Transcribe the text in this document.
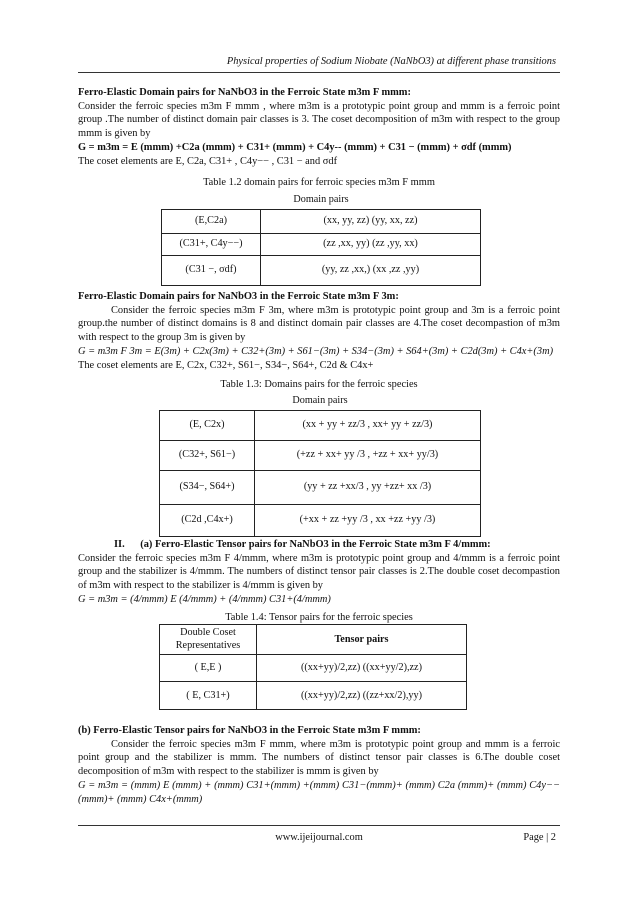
Physical properties of Sodium Niobate (NaNbO3) at different phase transitions

Ferro-Elastic Domain pairs for NaNbO3 in the Ferroic State m3m F mmm:

Consider the ferroic species m3m F mmm , where m3m is a prototypic point group and mmm is a ferroic point group .The number of distinct domain pair classes is 3. The coset decomposition of m3m with respect to the group mmm is given by

G = m3m = E (mmm) +C2a (mmm) + C31+ (mmm) + C4y-- (mmm) + C31 − (mmm) + σdf (mmm)

The coset elements are E, C2a, C31+ , C4y−− , C31 − and σdf

Table 1.2 domain pairs for ferroic species m3m F mmm
Domain pairs	
(E,C2a)	(xx, yy, zz) (yy, xx, zz)
(C31+, C4y−−)	(zz ,xx, yy) (zz ,yy, xx)
(C31 −, σdf)	(yy, zz ,xx,) (xx ,zz ,yy)

Ferro-Elastic Domain pairs for NaNbO3 in the Ferroic State m3m F 3m:

Consider the ferroic species m3m F 3m, where m3m is prototypic point group and 3m is a ferroic point group.the number of distinct domains is 8 and distinct domain pair classes are 4.The coset decompastion of m3m with respect to the group 3m is given by

G = m3m F 3m = E(3m) + C2x(3m) + C32+(3m) + S61−(3m) + S34−(3m) + S64+(3m) + C2d(3m) + C4x+(3m)

The coset elements are E, C2x, C32+, S61−, S34−, S64+, C2d & C4x+

Table 1.3: Domains pairs for the ferroic species
Domain pairs	
(E, C2x)	(xx + yy + zz/3 , xx+ yy + zz/3)
(C32+, S61−)	(+zz + xx+ yy /3 , +zz + xx+ yy/3)
(S34−, S64+)	(yy + zz +xx/3 , yy +zz+ xx /3)
(C2d ,C4x+)	(+xx + zz +yy /3 , xx +zz +yy /3)

II. (a) Ferro-Elastic Tensor pairs for NaNbO3 in the Ferroic State m3m F 4/mmm:

Consider the ferroic species m3m F 4/mmm, where m3m is prototypic point group and 4/mmm is a ferroic point group and the stabilizer is 4/mmm. The numbers of distinct tensor pair classes is 2.The double coset decompastion of m3m with respect to the stabilizer is 4/mmm is given by

G = m3m = (4/mmm) E (4/mmm) + (4/mmm) C31+(4/mmm)

Table 1.4: Tensor pairs for the ferroic species
Double Coset Representatives	Tensor pairs
( E,E )	((xx+yy)/2,zz) ((xx+yy/2),zz)
( E, C31+)	((xx+yy)/2,zz) ((zz+xx/2),yy)

(b) Ferro-Elastic Tensor pairs for NaNbO3 in the Ferroic State m3m F mmm:

Consider the ferroic species m3m F mmm, where m3m is prototypic point group and mmm is a ferroic point group and the stabilizer is mmm. The numbers of distinct tensor pair classes is 6.The double coset decomposition of m3m with respect to the stabilizer is mmm is given by

G = m3m = (mmm) E (mmm) + (mmm) C31+(mmm) +(mmm) C31−(mmm)+ (mmm) C2a (mmm)+ (mmm) C4y−− (mmm)+ (mmm) C4x+(mmm)

www.ijeijournal.com	Page | 2
